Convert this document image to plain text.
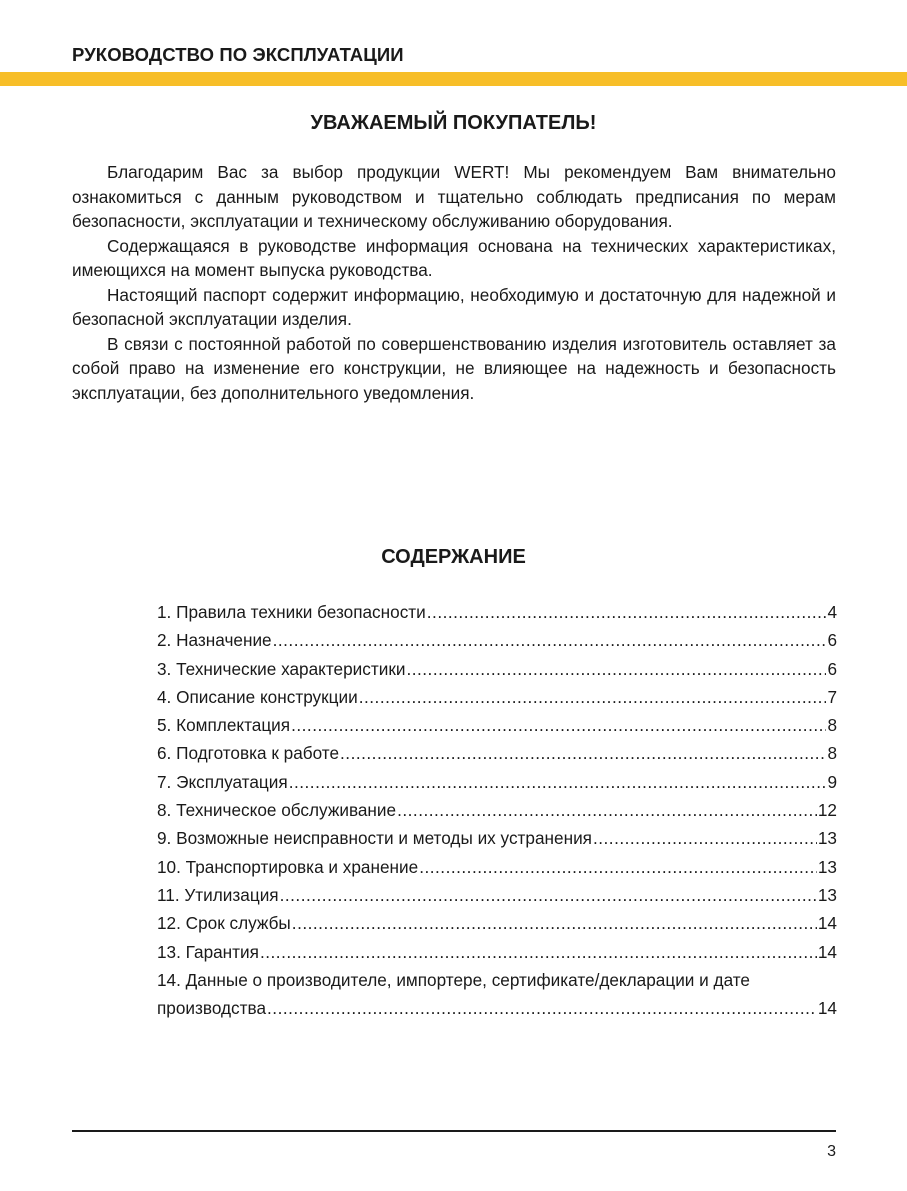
РУКОВОДСТВО ПО ЭКСПЛУАТАЦИИ
УВАЖАЕМЫЙ ПОКУПАТЕЛЬ!

Благодарим Вас за выбор продукции WERT! Мы рекомендуем Вам внимательно ознакомиться с данным руководством и тщательно соблюдать предписания по мерам безопасности, эксплуатации и техническому обслуживанию оборудования.

Содержащаяся в руководстве информация основана на технических характеристиках, имеющихся на момент выпуска руководства.

Настоящий паспорт содержит информацию, необходимую и достаточную для надежной и безопасной эксплуатации изделия.

В связи с постоянной работой по совершенствованию изделия изготовитель оставляет за собой право на изменение его конструкции, не влияющее на надежность и безопасность эксплуатации, без дополнительного уведомления.

СОДЕРЖАНИЕ
1. Правила техники безопасности .....	4
2. Назначение .....	6
3. Технические характеристики .....	6
4. Описание конструкции .....	7
5. Комплектация .....	8
6. Подготовка к работе .....	8
7. Эксплуатация .....	9
8. Техническое обслуживание .....	12
9. Возможные неисправности и методы их устранения .....	13
10. Транспортировка и хранение .....	13
11. Утилизация .....	13
12. Срок службы .....	14
13. Гарантия .....	14
14. Данные о производителе, импортере, сертификате/декларации и дате
производства .....	14
3
